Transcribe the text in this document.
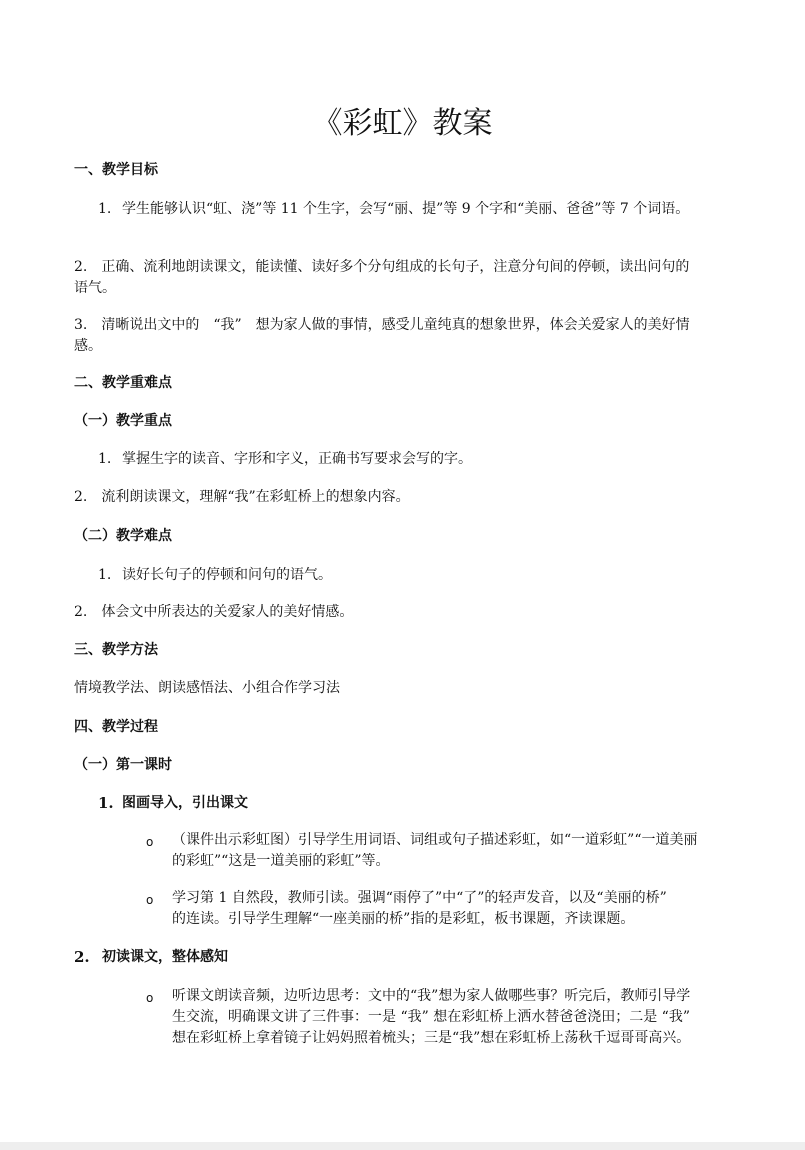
《彩虹》教案
一、教学目标
1. 学生能够认识“虹、浇”等 11 个生字，会写“丽、提”等 9 个字和“美丽、爸爸”等 7 个词语。
2.　正确、流利地朗读课文，能读懂、读好多个分句组成的长句子，注意分句间的停顿，读出问句的
语气。
3.　清晰说出文中的　“我”　想为家人做的事情，感受儿童纯真的想象世界，体会关爱家人的美好情
感。
二、教学重难点
（一）教学重点
1. 掌握生字的读音、字形和字义，正确书写要求会写的字。
2.　流利朗读课文，理解“我”在彩虹桥上的想象内容。
（二）教学难点
1. 读好长句子的停顿和问句的语气。
2.　体会文中所表达的关爱家人的美好情感。
三、教学方法
情境教学法、朗读感悟法、小组合作学习法
四、教学过程
（一）第一课时
1. 图画导入，引出课文
o （课件出示彩虹图）引导学生用词语、词组或句子描述彩虹，如“一道彩虹”“一道美丽
的彩虹”“这是一道美丽的彩虹”等。
o 学习第 1 自然段，教师引读。强调“雨停了”中“了”的轻声发音，以及“美丽的桥”
的连读。引导学生理解“一座美丽的桥”指的是彩虹，板书课题，齐读课题。
2. 初读课文，整体感知
o 听课文朗读音频，边听边思考：文中的“我”想为家人做哪些事？听完后，教师引导学
生交流，明确课文讲了三件事：一是 “我” 想在彩虹桥上洒水替爸爸浇田；二是 “我”
想在彩虹桥上拿着镜子让妈妈照着梳头；三是“我”想在彩虹桥上荡秋千逗哥哥高兴。
